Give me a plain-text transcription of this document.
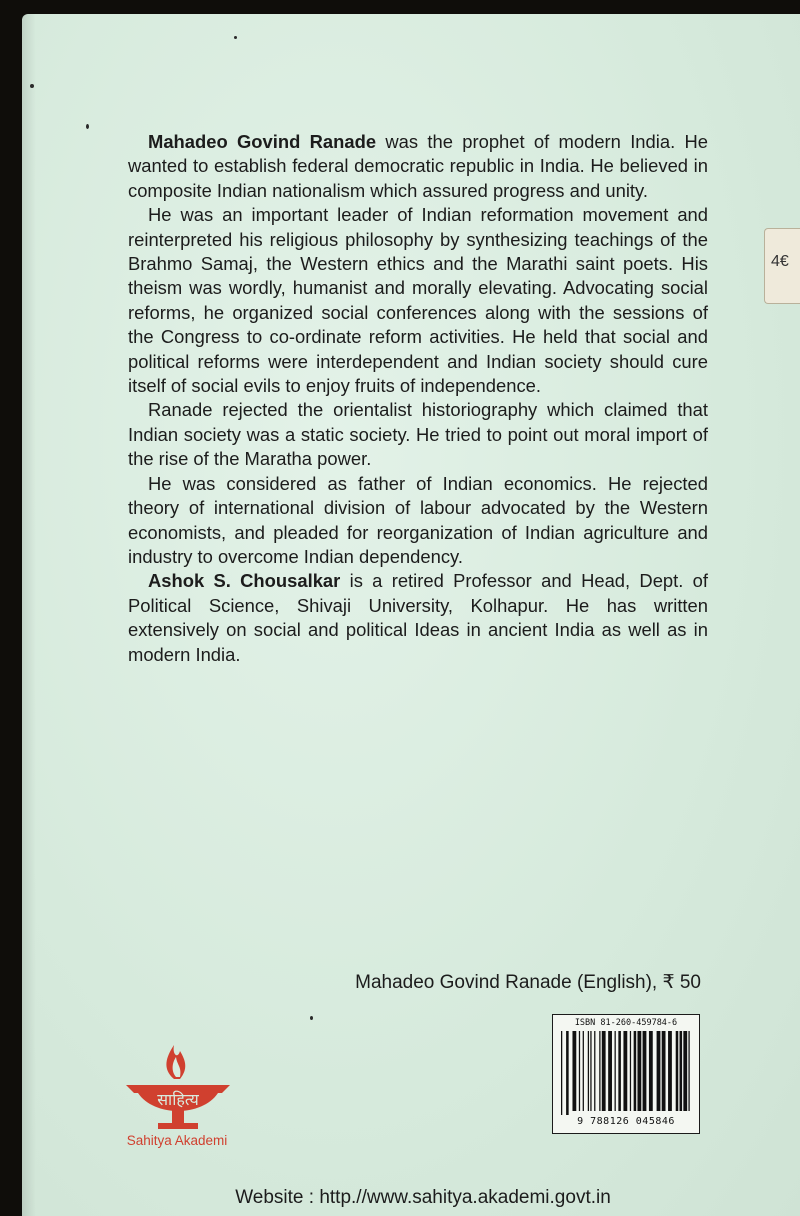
Mahadeo Govind Ranade was the prophet of modern India. He wanted to establish federal democratic republic in India. He believed in composite Indian nationalism which assured progress and unity.

He was an important leader of Indian reformation movement and reinterpreted his religious philosophy by synthesizing teachings of the Brahmo Samaj, the Western ethics and the Marathi saint poets. His theism was wordly, humanist and morally elevating. Advocating social reforms, he organized social conferences along with the sessions of the Congress to co-ordinate reform activities. He held that social and political reforms were interdependent and Indian society should cure itself of social evils to enjoy fruits of independence.

Ranade rejected the orientalist historiography which claimed that Indian society was a static society. He tried to point out moral import of the rise of the Maratha power.

He was considered as father of Indian economics. He rejected theory of international division of labour advocated by the Western economists, and pleaded for reorganization of Indian agriculture and industry to overcome Indian dependency.

Ashok S. Chousalkar is a retired Professor and Head, Dept. of Political Science, Shivaji University, Kolhapur. He has written extensively on social and political Ideas in ancient India as well as in modern India.

Mahadeo Govind Ranade (English), ₹ 50
ISBN 81-260-459784-6
9 788126 045846
साहित्य
Sahitya Akademi
Website : http.//www.sahitya.akademi.govt.in
4€
